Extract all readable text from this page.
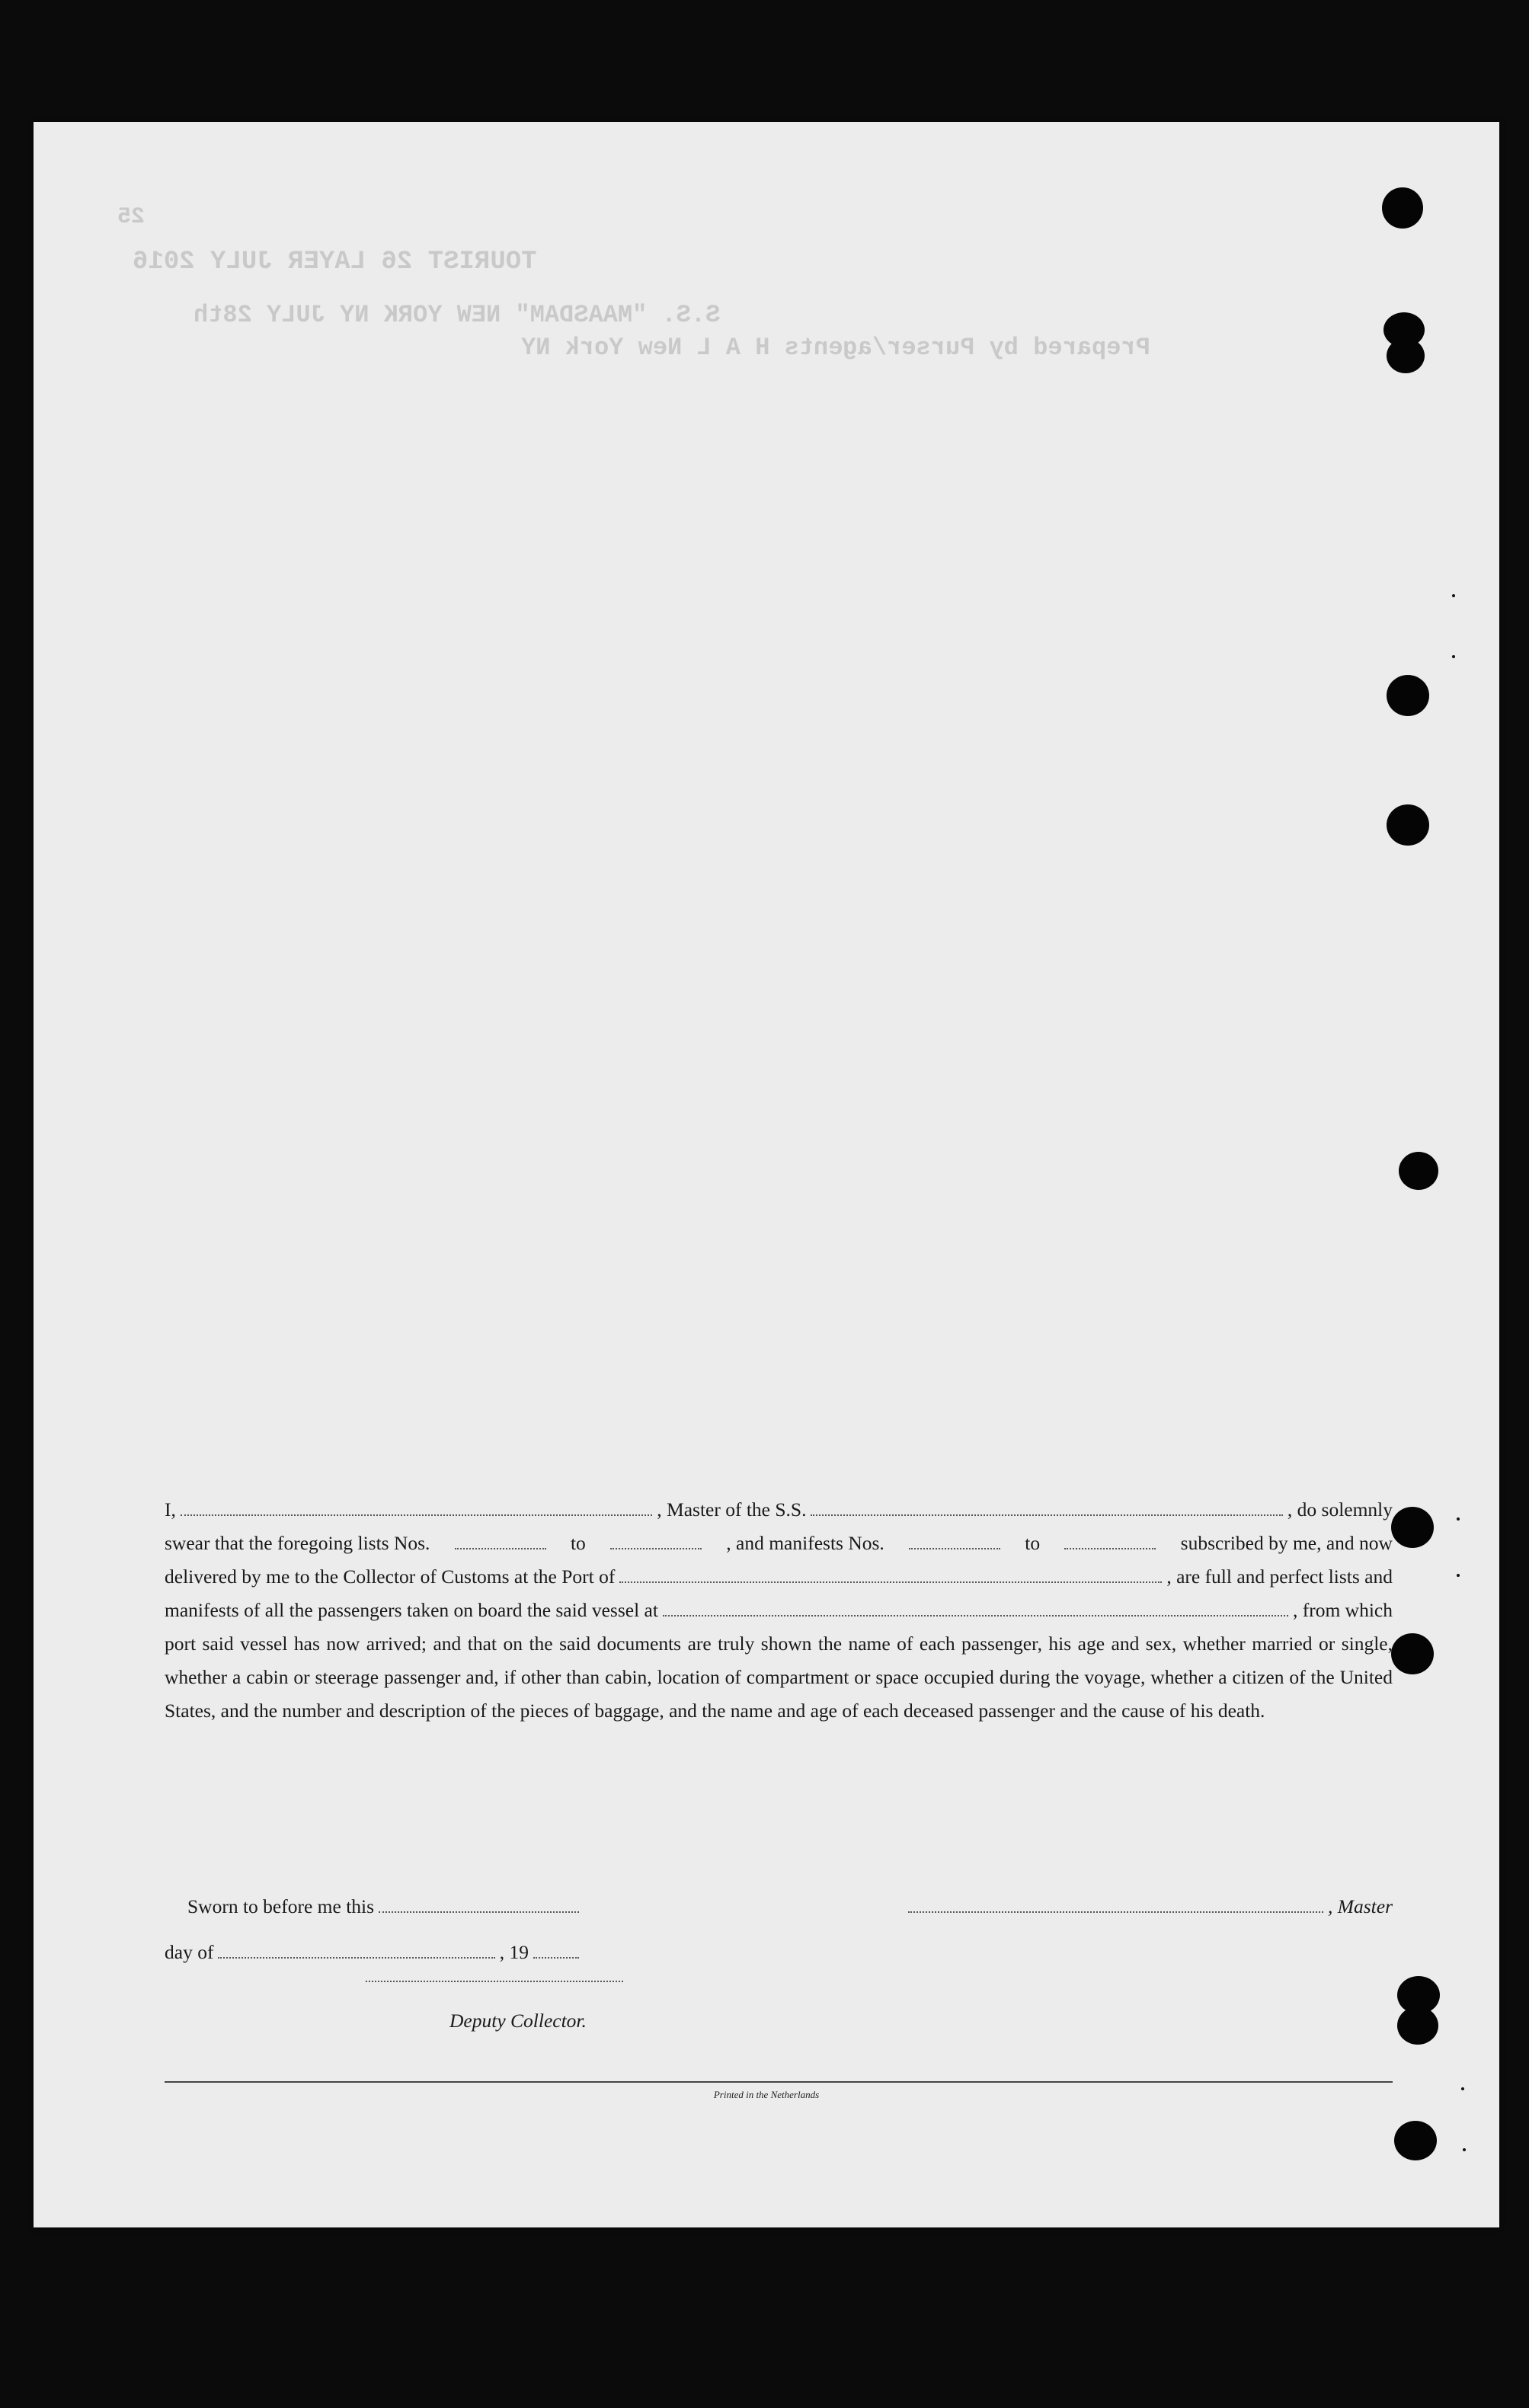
25
TOURIST 26 LAYER JULY 2016
S.S. "MAASDAM" NEW YORK NY JULY 28th
Prepared by Purser/agents H A L New York NY
I,	, Master of the S.S.	, do solemnly
swear that the foregoing lists Nos.	to	, and manifests Nos.	to	subscribed by me, and now
delivered by me to the Collector of Customs at the Port of	, are full and perfect lists and
manifests of all the passengers taken on board the said vessel at	, from which
port said vessel has now arrived; and that on the said documents are truly shown the name of each passenger, his age and sex, whether married or single, whether a cabin or steerage passenger and, if other than cabin, location of compartment or space occupied during the voyage, whether a citizen of the United States, and the number and description of the pieces of baggage, and the name and age of each deceased passenger and the cause of his death.
Sworn to before me this	, Master
day of	, 19
Deputy Collector.
Printed in the Netherlands
